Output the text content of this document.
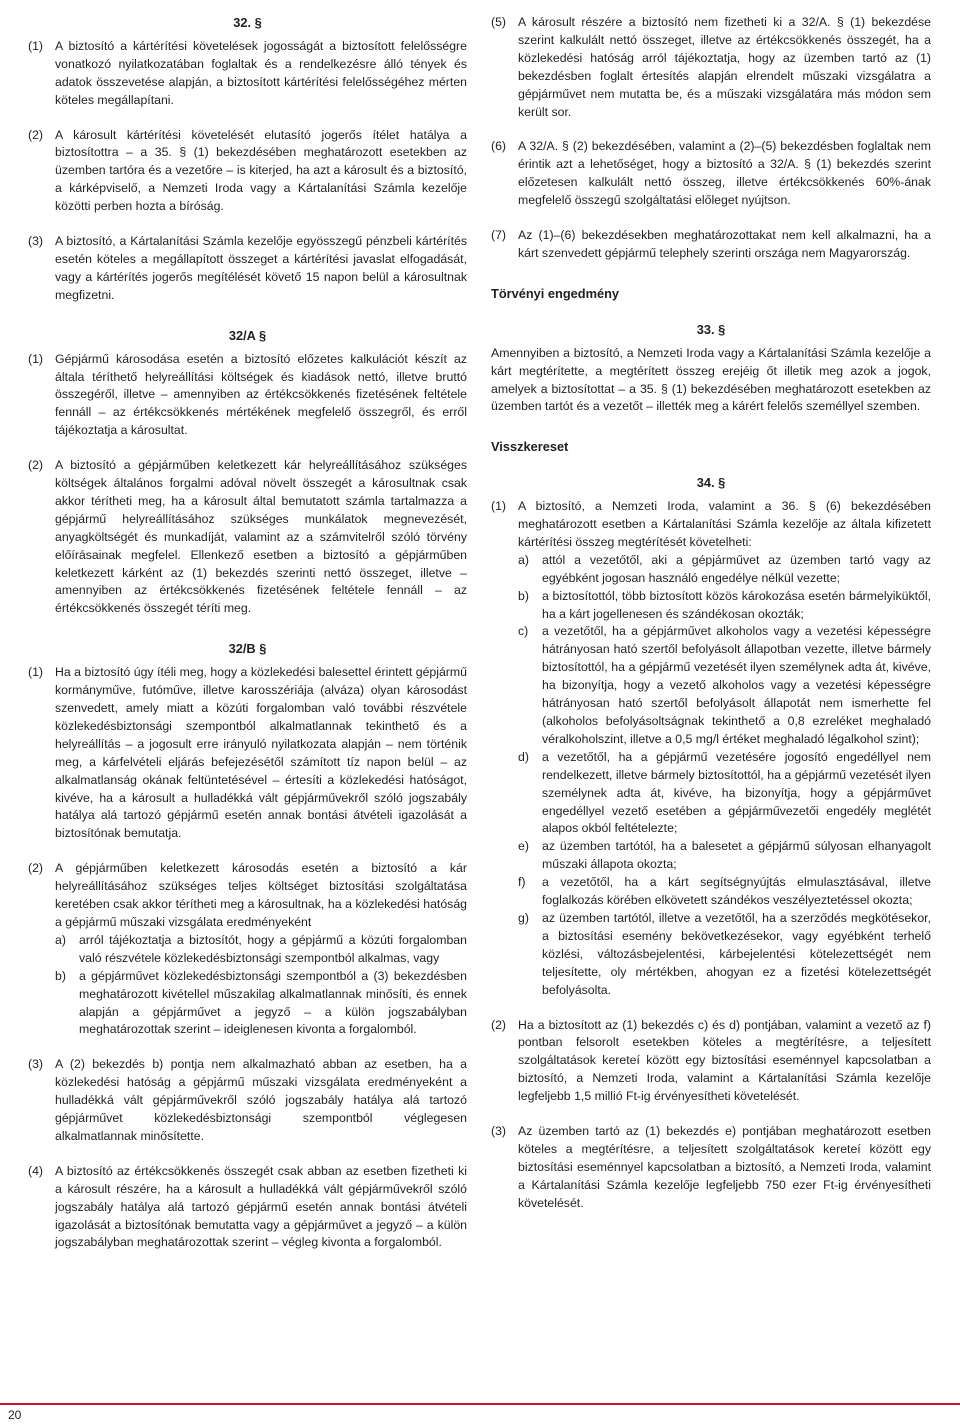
32. §
(1) A biztosító a kártérítési követelések jogosságát a biztosított felelősségre vonatkozó nyilatkozatában foglaltak és a rendelkezésre álló tények és adatok összevetése alapján, a biztosított kártérítési felelősségéhez mérten köteles megállapítani.
(2) A károsult kártérítési követelését elutasító jogerős ítélet hatálya a biztosítottra – a 35. § (1) bekezdésében meghatározott esetekben az üzemben tartóra és a vezetőre – is kiterjed, ha azt a károsult és a biztosító, a kárképviselő, a Nemzeti Iroda vagy a Kártalanítási Számla kezelője közötti perben hozta a bíróság.
(3) A biztosító, a Kártalanítási Számla kezelője egyösszegű pénzbeli kártérítés esetén köteles a megállapított összeget a kártérítési javaslat elfogadását, vagy a kártérítés jogerős megítélését követő 15 napon belül a károsultnak megfizetni.
32/A §
(1) Gépjármű károsodása esetén a biztosító előzetes kalkulációt készít az általa téríthető helyreállítási költségek és kiadások nettó, illetve bruttó összegéről, illetve – amennyiben az értékcsökkenés fizetésének feltétele fennáll – az értékcsökkenés mértékének megfelelő összegről, és erről tájékoztatja a károsultat.
(2) A biztosító a gépjárműben keletkezett kár helyreállításához szükséges költségek általános forgalmi adóval növelt összegét a károsultnak csak akkor térítheti meg, ha a károsult által bemutatott számla tartalmazza a gépjármű helyreállításához szükséges munkálatok megnevezését, anyagköltségét és munkadíját, valamint az a számvitelről szóló törvény előírásainak megfelel. Ellenkező esetben a biztosító a gépjárműben keletkezett kárként az (1) bekezdés szerinti nettó összeget, illetve – amennyiben az értékcsökkenés fizetésének feltétele fennáll – az értékcsökkenés összegét téríti meg.
32/B §
(1) Ha a biztosító úgy ítéli meg, hogy a közlekedési balesettel érintett gépjármű kormányműve, futóműve, illetve karosszériája (alváza) olyan károsodást szenvedett, amely miatt a közúti forgalomban való további részvétele közlekedésbiztonsági szempontból alkalmatlannak tekinthető és a helyreállítás – a jogosult erre irányuló nyilatkozata alapján – nem történik meg, a kárfelvételi eljárás befejezésétől számított tíz napon belül – az alkalmatlanság okának feltüntetésével – értesíti a közlekedési hatóságot, kivéve, ha a károsult a hulladékká vált gépjárművekről szóló jogszabály hatálya alá tartozó gépjármű esetén annak bontási átvételi igazolását a biztosítónak bemutatja.
(2) A gépjárműben keletkezett károsodás esetén a biztosító a kár helyreállításához szükséges teljes költséget biztosítási szolgáltatása keretében csak akkor térítheti meg a károsultnak, ha a közlekedési hatóság a gépjármű műszaki vizsgálata eredményeként
a)	arról tájékoztatja a biztosítót, hogy a gépjármű a közúti forgalomban való részvétele közlekedésbiztonsági szempontból alkalmas, vagy
b)	a gépjárművet közlekedésbiztonsági szempontból a (3) bekezdésben meghatározott kivétellel műszakilag alkalmatlannak minősíti, és ennek alapján a gépjárművet a jegyző – a külön jogszabályban meghatározottak szerint – ideiglenesen kivonta a forgalomból.
(3) A (2) bekezdés b) pontja nem alkalmazható abban az esetben, ha a közlekedési hatóság a gépjármű műszaki vizsgálata eredményeként a hulladékká vált gépjárművekről szóló jogszabály hatálya alá tartozó gépjárművet közlekedésbiztonsági szempontból véglegesen alkalmatlannak minősítette.
(4) A biztosító az értékcsökkenés összegét csak abban az esetben fizetheti ki a károsult részére, ha a károsult a hulladékká vált gépjárművekről szóló jogszabály hatálya alá tartozó gépjármű esetén annak bontási átvételi igazolását a biztosítónak bemutatta vagy a gépjárművet a jegyző – a külön jogszabályban meghatározottak szerint – végleg kivonta a forgalomból.
(5) A károsult részére a biztosító nem fizetheti ki a 32/A. § (1) bekezdése szerint kalkulált nettó összeget, illetve az értékcsökkenés összegét, ha a közlekedési hatóság arról tájékoztatja, hogy az üzemben tartó az (1) bekezdésben foglalt értesítés alapján elrendelt műszaki vizsgálatra a gépjárművet nem mutatta be, és a műszaki vizsgálatára más módon sem került sor.
(6) A 32/A. § (2) bekezdésében, valamint a (2)–(5) bekezdésben foglaltak nem érintik azt a lehetőséget, hogy a biztosító a 32/A. § (1) bekezdés szerint előzetesen kalkulált nettó összeg, illetve értékcsökkenés 60%-ának megfelelő összegű szolgáltatási előleget nyújtson.
(7) Az (1)–(6) bekezdésekben meghatározottakat nem kell alkalmazni, ha a kárt szenvedett gépjármű telephely szerinti országa nem Magyarország.
Törvényi engedmény
33. §
Amennyiben a biztosító, a Nemzeti Iroda vagy a Kártalanítási Számla kezelője a kárt megtérítette, a megtérített összeg erejéig őt illetik meg azok a jogok, amelyek a biztosítottat – a 35. § (1) bekezdésében meghatározott esetekben az üzemben tartót és a vezetőt – illették meg a kárért felelős személlyel szemben.
Visszkereset
34. §
(1) A biztosító, a Nemzeti Iroda, valamint a 36. § (6) bekezdésében meghatározott esetben a Kártalanítási Számla kezelője az általa kifizetett kártérítési összeg megtérítését követelheti:
a)	attól a vezetőtől, aki a gépjárművet az üzemben tartó vagy az egyébként jogosan használó engedélye nélkül vezette;
b)	a biztosítottól, több biztosított közös károkozása esetén bármelyiküktől, ha a kárt jogellenesen és szándékosan okozták;
c)	a vezetőtől, ha a gépjárművet alkoholos vagy a vezetési képességre hátrányosan ható szertől befolyásolt állapotban vezette, illetve bármely biztosítottól, ha a gépjármű vezetését ilyen személynek adta át, kivéve, ha bizonyítja, hogy a vezető alkoholos vagy a vezetési képességre hátrányosan ható szertől befolyásolt állapotát nem ismerhette fel (alkoholos befolyásoltságnak tekinthető a 0,8 ezreléket meghaladó véralkoholszint, illetve a 0,5 mg/l értéket meghaladó légalkohol szint);
d)	a vezetőtől, ha a gépjármű vezetésére jogosító engedéllyel nem rendelkezett, illetve bármely biztosítottól, ha a gépjármű vezetését ilyen személynek adta át, kivéve, ha bizonyítja, hogy a gépjárművet engedéllyel vezető esetében a gépjárművezetői engedély meglétét alapos okból feltételezte;
e)	az üzemben tartótól, ha a balesetet a gépjármű súlyosan elhanyagolt műszaki állapota okozta;
f)	a vezetőtől, ha a kárt segítségnyújtás elmulasztásával, illetve foglalkozás körében elkövetett szándékos veszélyeztetéssel okozta;
g)	az üzemben tartótól, illetve a vezetőtől, ha a szerződés megkötésekor, a biztosítási esemény bekövetkezésekor, vagy egyébként terhelő közlési, változásbejelentési, kárbejelentési kötelezettségét nem teljesítette, oly mértékben, ahogyan ez a fizetési kötelezettségét befolyásolta.
(2) Ha a biztosított az (1) bekezdés c) és d) pontjában, valamint a vezető az f) pontban felsorolt esetekben köteles a megtérítésre, a teljesített szolgáltatások kereteí között egy biztosítási eseménnyel kapcsolatban a biztosító, a Nemzeti Iroda, valamint a Kártalanítási Számla kezelője legfeljebb 1,5 millió Ft-ig érvényesítheti követelését.
(3) Az üzemben tartó az (1) bekezdés e) pontjában meghatározott esetben köteles a megtérítésre, a teljesített szolgáltatások kereteí között egy biztosítási eseménnyel kapcsolatban a biztosító, a Nemzeti Iroda, valamint a Kártalanítási Számla kezelője legfeljebb 750 ezer Ft-ig érvényesítheti követelését.
20
